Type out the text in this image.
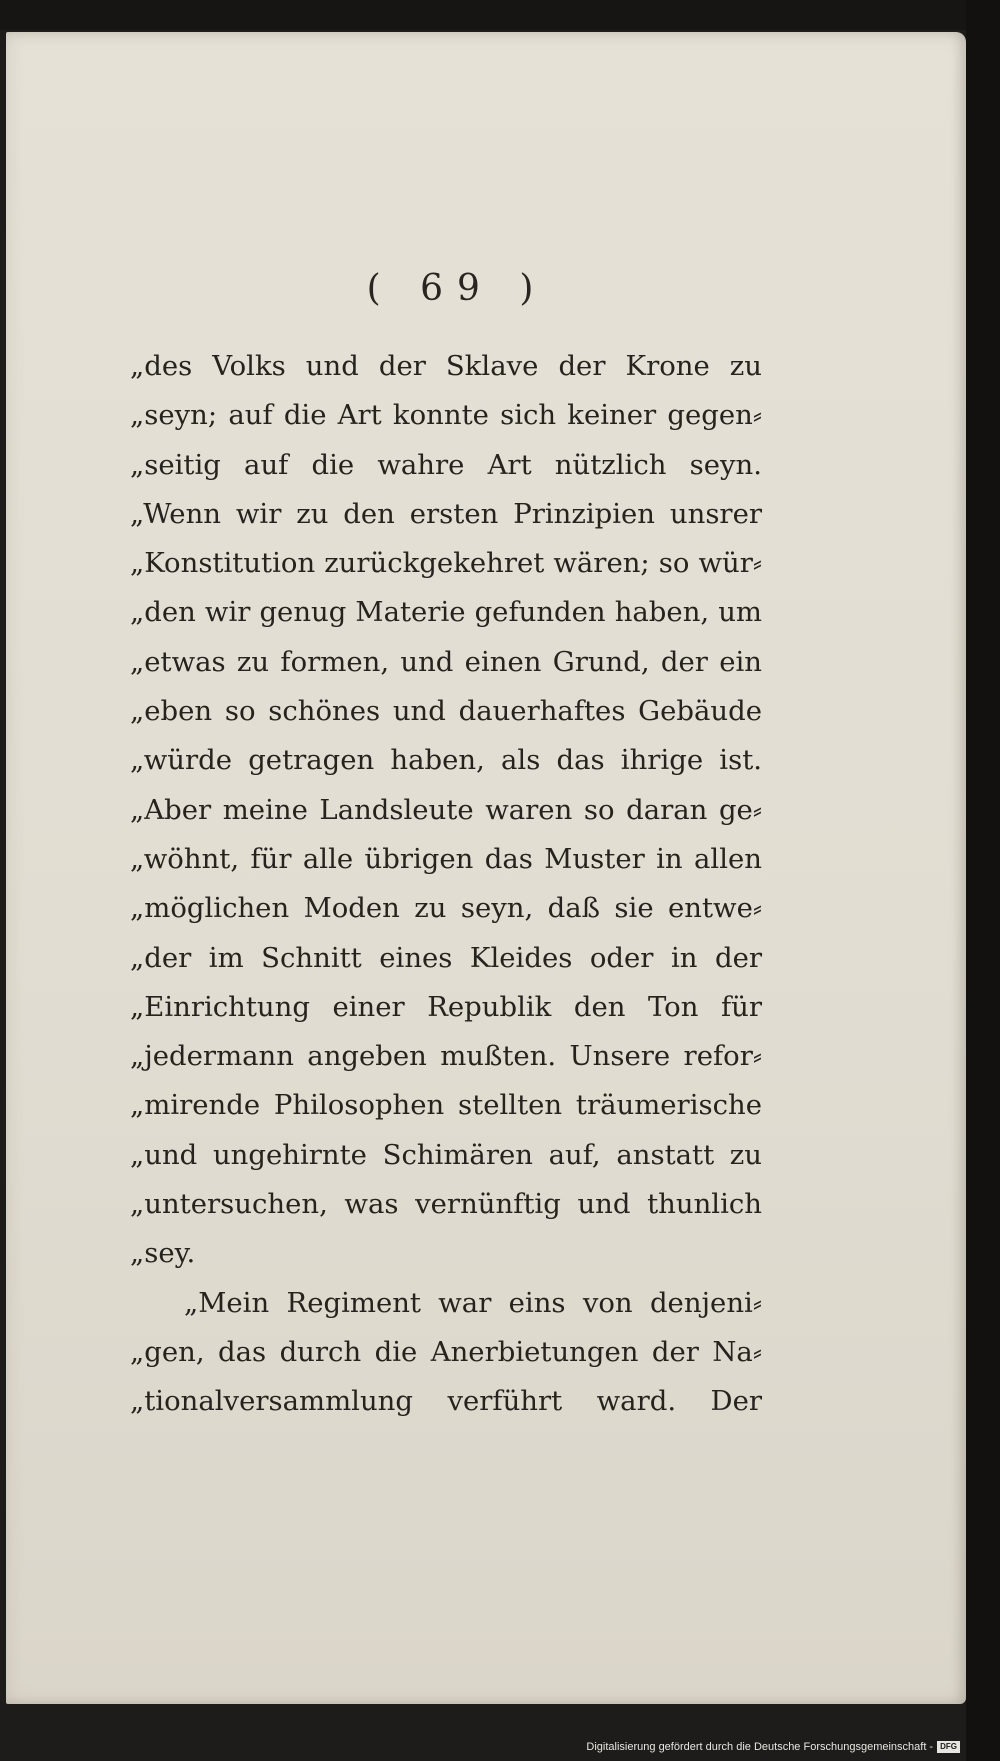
( 69 )
„des Volks und der Sklave der Krone zu
„seyn; auf die Art konnte sich keiner gegen⸗
„seitig auf die wahre Art nützlich seyn.
„Wenn wir zu den ersten Prinzipien unsrer
„Konstitution zurückgekehret wären; so wür⸗
„den wir genug Materie gefunden haben, um
„etwas zu formen, und einen Grund, der ein
„eben so schönes und dauerhaftes Gebäude
„würde getragen haben, als das ihrige ist.
„Aber meine Landsleute waren so daran ge⸗
„wöhnt, für alle übrigen das Muster in allen
„möglichen Moden zu seyn, daß sie entwe⸗
„der im Schnitt eines Kleides oder in der
„Einrichtung einer Republik den Ton für
„jedermann angeben mußten. Unsere refor⸗
„mirende Philosophen stellten träumerische
„und ungehirnte Schimären auf, anstatt zu
„untersuchen, was vernünftig und thunlich
„sey.
„Mein Regiment war eins von denjeni⸗
„gen, das durch die Anerbietungen der Na⸗
„tionalversammlung verführt ward. Der
Digitalisierung gefördert durch die Deutsche Forschungsgemeinschaft - DFG
